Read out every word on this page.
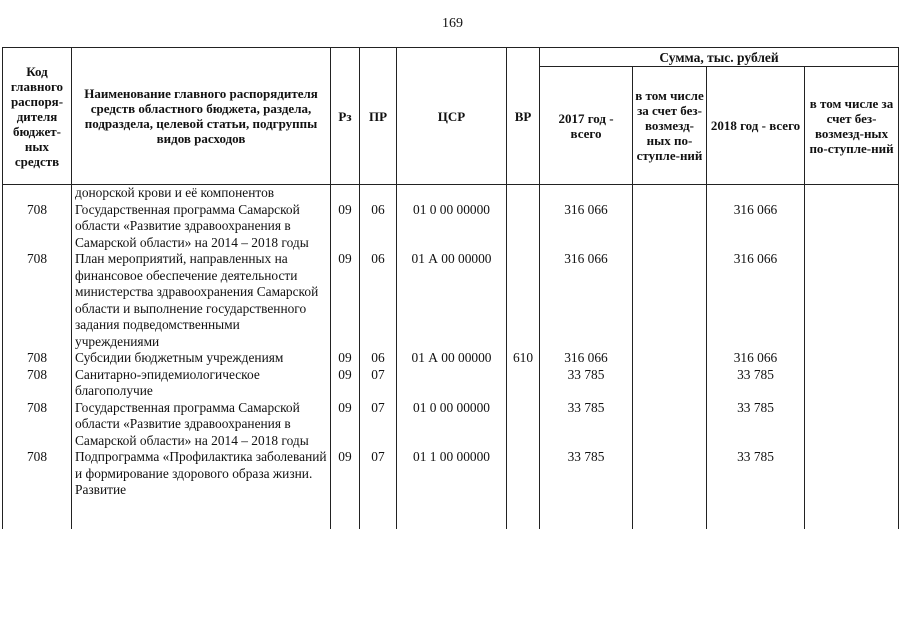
169
Код главного распоря-дителя бюджет-ных средств	Наименование главного распорядителя средств областного бюджета, раздела, подраздела, целевой статьи, подгруппы видов расходов	Рз	ПР	ЦСР	ВР	Сумма, тыс. рублей			
						2017 год - всего	в том числе за счет без-возмезд-ных по-ступле-ний	2018 год - всего	в том числе за счет без-возмезд-ных по-ступле-ний
	донорской крови и её компонентов								
708	Государственная программа Самарской области «Развитие здравоохранения в Самарской области» на 2014 – 2018 годы	09	06	01 0 00 00000		316 066		316 066	
708	План мероприятий, направленных на финансовое обеспечение деятельности министерства здравоохранения Самарской области и выполнение государственного задания подведомственными учреждениями	09	06	01 А 00 00000		316 066		316 066	
708	Субсидии бюджетным учреждениям	09	06	01 А 00 00000	610	316 066		316 066	
708	Санитарно-эпидемиологическое благополучие	09	07			33 785		33 785	
708	Государственная программа Самарской области «Развитие здравоохранения в Самарской области» на 2014 – 2018 годы	09	07	01 0 00 00000		33 785		33 785	
708	Подпрограмма «Профилактика заболеваний и формирование здорового образа жизни. Развитие	09	07	01 1 00 00000		33 785		33 785	
